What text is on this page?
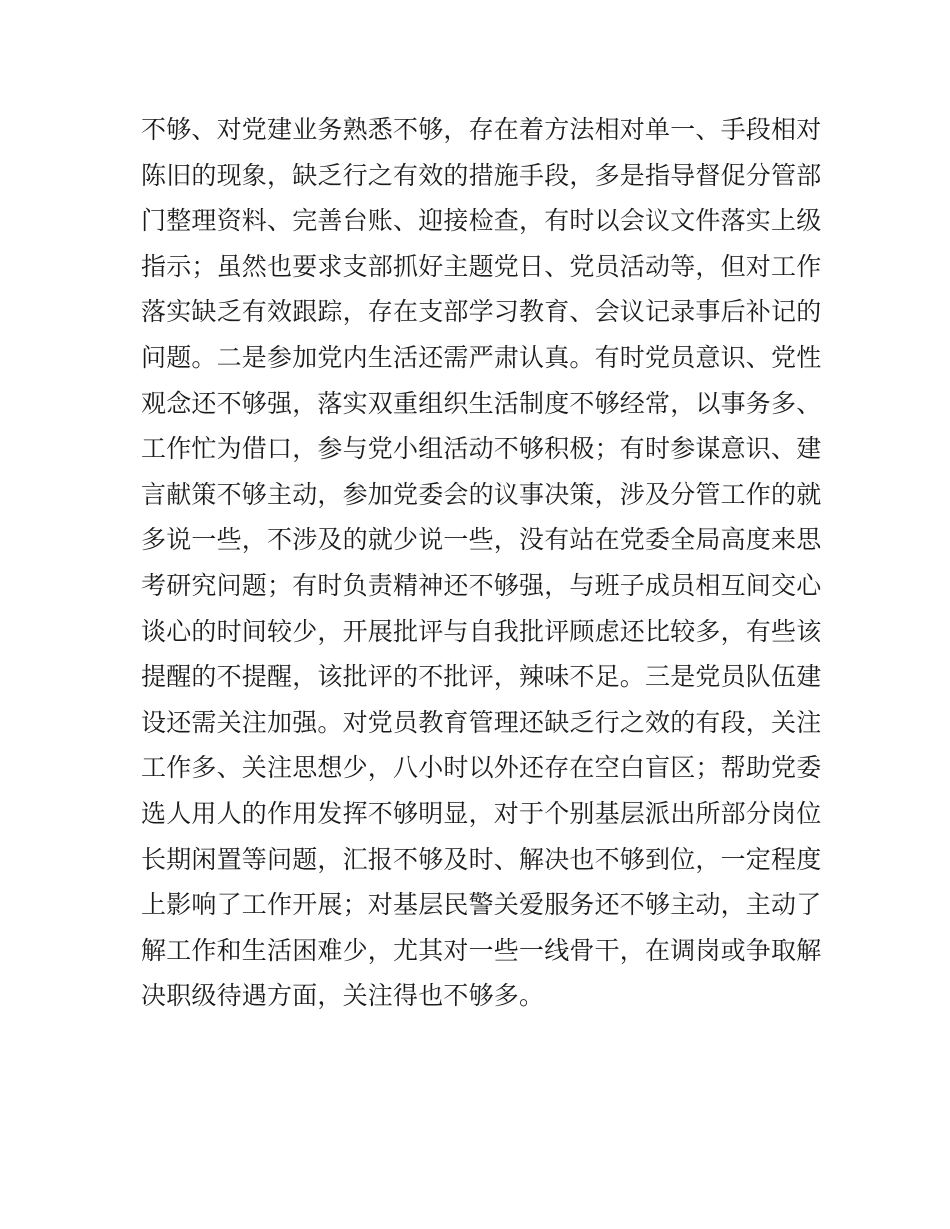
不够、对党建业务熟悉不够，存在着方法相对单一、手段相对
陈旧的现象，缺乏行之有效的措施手段，多是指导督促分管部
门整理资料、完善台账、迎接检查，有时以会议文件落实上级
指示；虽然也要求支部抓好主题党日、党员活动等，但对工作
落实缺乏有效跟踪，存在支部学习教育、会议记录事后补记的
问题。二是参加党内生活还需严肃认真。有时党员意识、党性
观念还不够强，落实双重组织生活制度不够经常，以事务多、
工作忙为借口，参与党小组活动不够积极；有时参谋意识、建
言献策不够主动，参加党委会的议事决策，涉及分管工作的就
多说一些，不涉及的就少说一些，没有站在党委全局高度来思
考研究问题；有时负责精神还不够强，与班子成员相互间交心
谈心的时间较少，开展批评与自我批评顾虑还比较多，有些该
提醒的不提醒，该批评的不批评，辣味不足。三是党员队伍建
设还需关注加强。对党员教育管理还缺乏行之效的有段，关注
工作多、关注思想少，八小时以外还存在空白盲区；帮助党委
选人用人的作用发挥不够明显，对于个别基层派出所部分岗位
长期闲置等问题，汇报不够及时、解决也不够到位，一定程度
上影响了工作开展；对基层民警关爱服务还不够主动，主动了
解工作和生活困难少，尤其对一些一线骨干，在调岗或争取解
决职级待遇方面，关注得也不够多。
